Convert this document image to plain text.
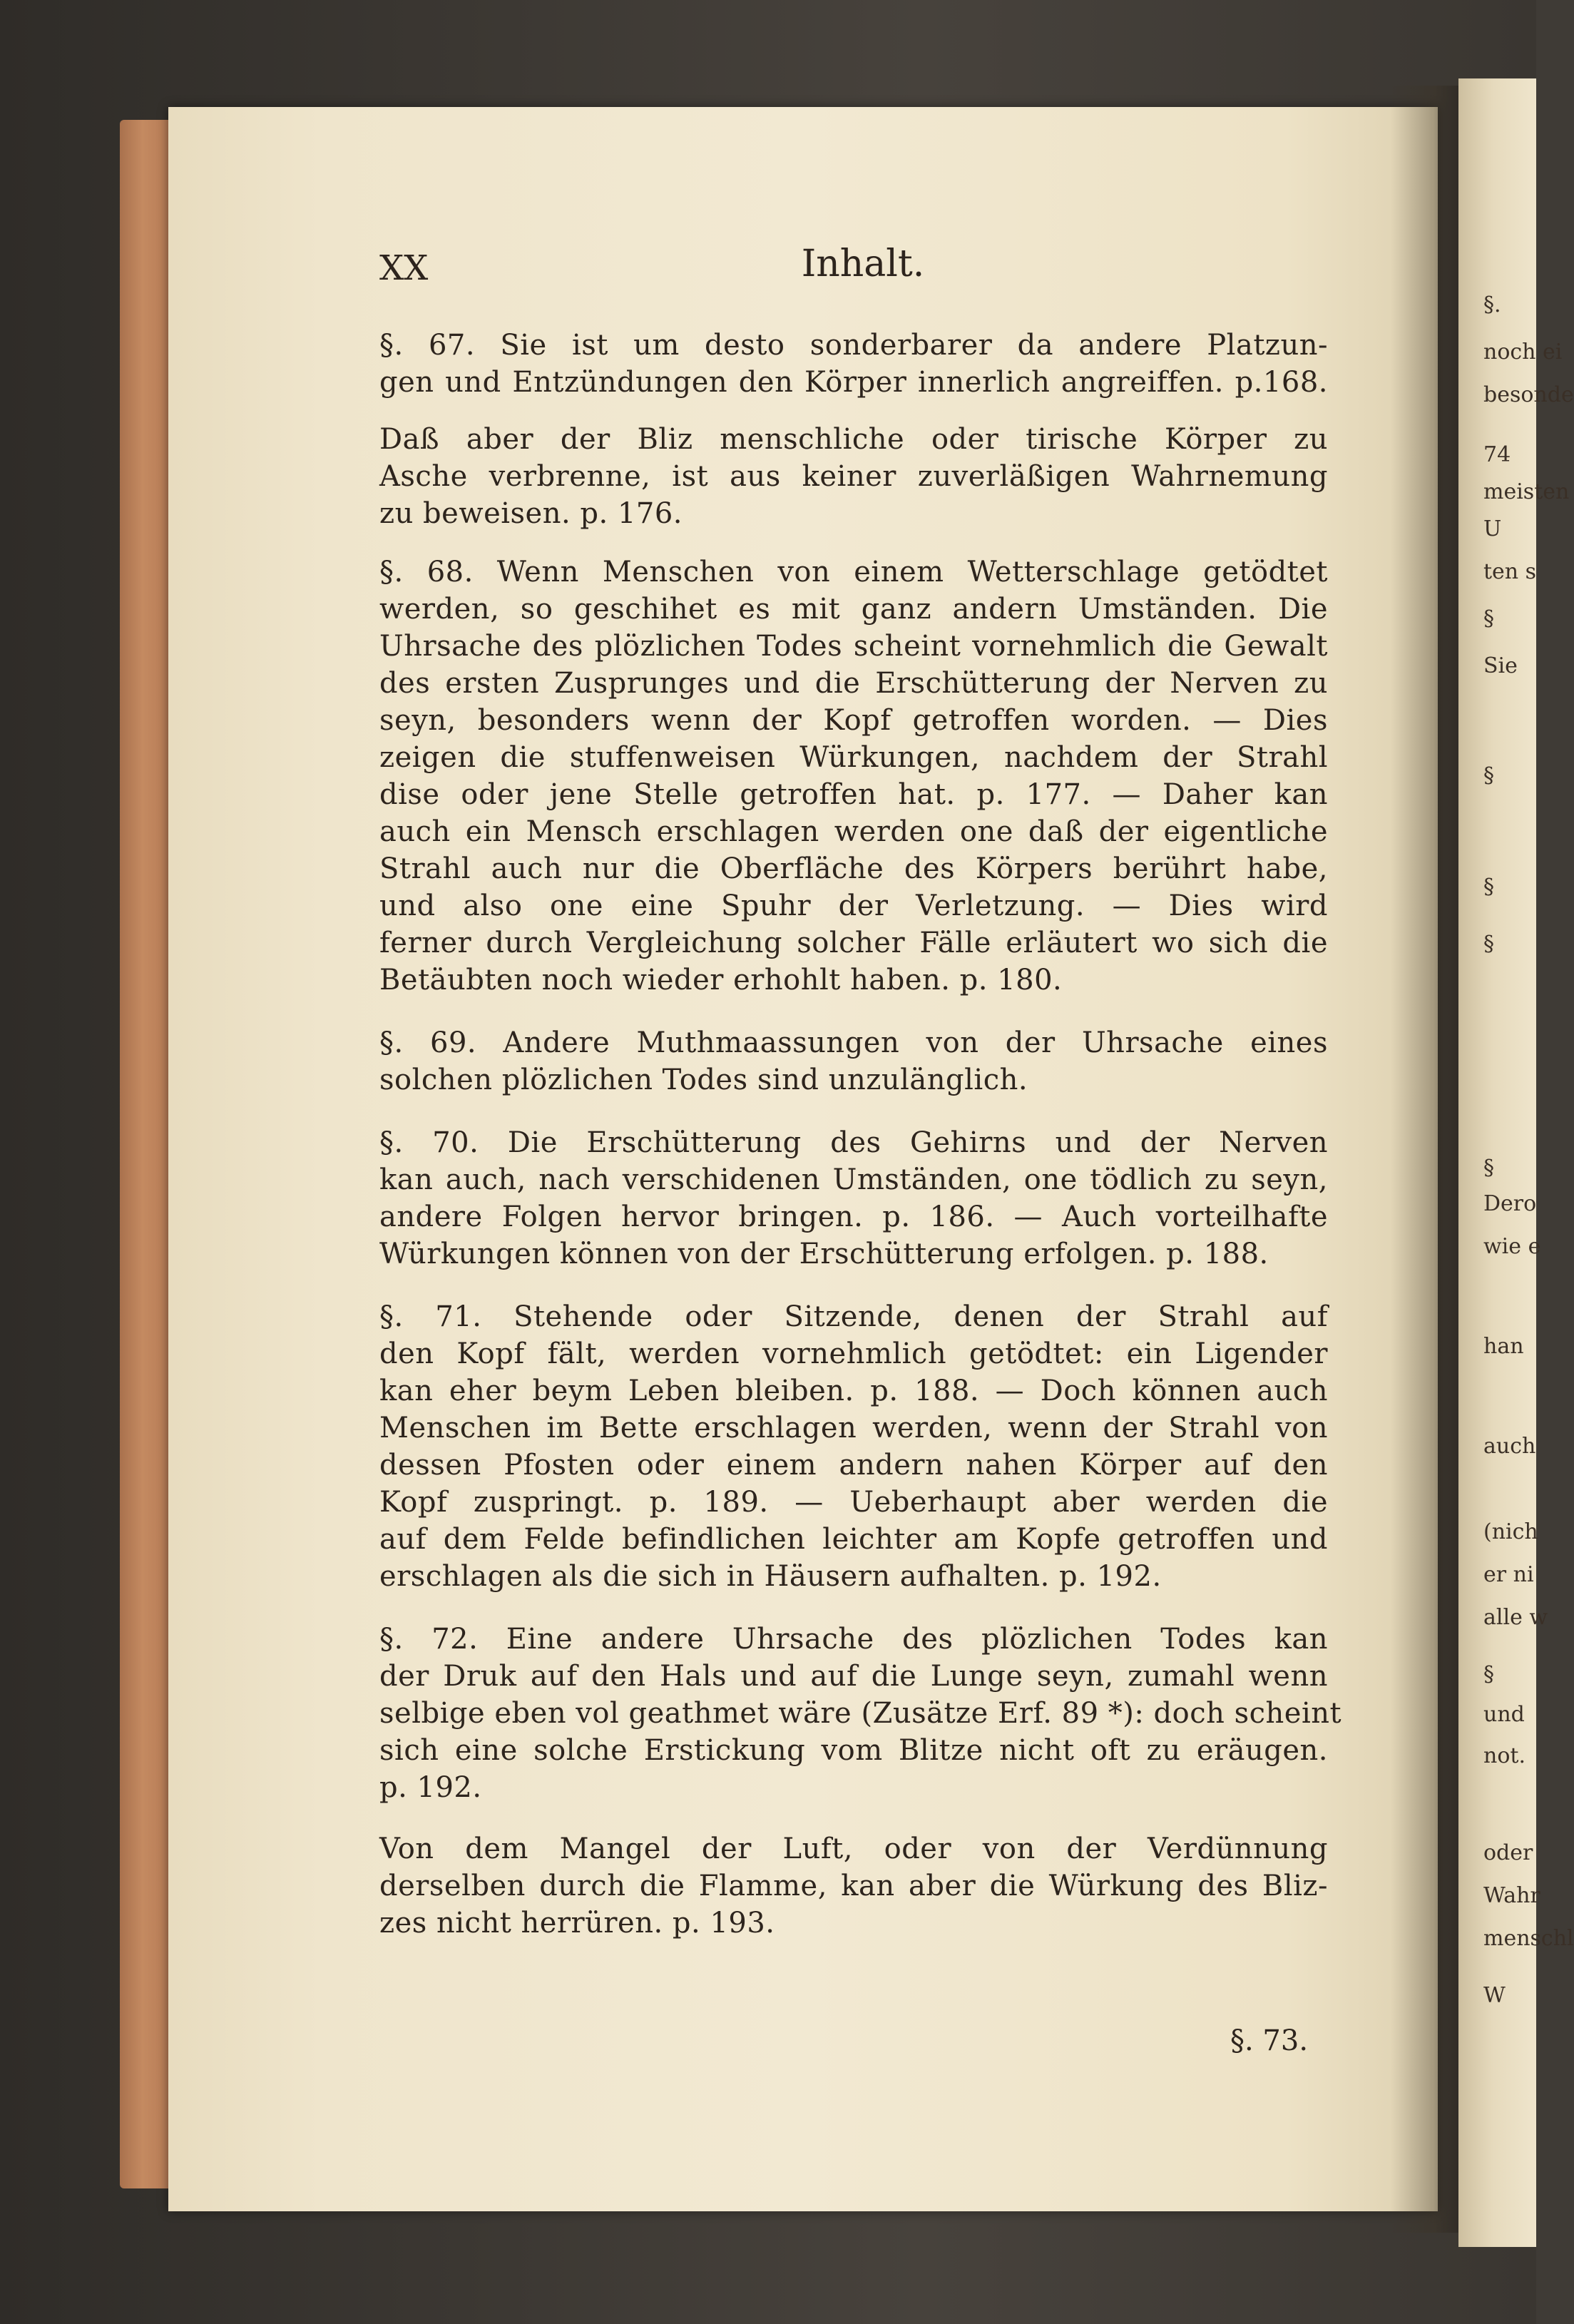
XX	Inhalt.
§. 67. Sie ist um desto sonderbarer da andere Platzun-
gen und Entzündungen den Körper innerlich angreiffen. p.168.
Daß aber der Bliz menschliche oder tirische Körper zu
Asche verbrenne, ist aus keiner zuverläßigen Wahrnemung
zu beweisen. p. 176.
§. 68. Wenn Menschen von einem Wetterschlage getödtet
werden, so geschihet es mit ganz andern Umständen. Die
Uhrsache des plözlichen Todes scheint vornehmlich die Gewalt
des ersten Zusprunges und die Erschütterung der Nerven zu
seyn, besonders wenn der Kopf getroffen worden. — Dies
zeigen die stuffenweisen Würkungen, nachdem der Strahl
dise oder jene Stelle getroffen hat. p. 177. — Daher kan
auch ein Mensch erschlagen werden one daß der eigentliche
Strahl auch nur die Oberfläche des Körpers berührt habe,
und also one eine Spuhr der Verletzung. — Dies wird
ferner durch Vergleichung solcher Fälle erläutert wo sich die
Betäubten noch wieder erhohlt haben. p. 180.
§. 69. Andere Muthmaassungen von der Uhrsache eines
solchen plözlichen Todes sind unzulänglich.
§. 70. Die Erschütterung des Gehirns und der Nerven
kan auch, nach verschidenen Umständen, one tödlich zu seyn,
andere Folgen hervor bringen. p. 186. — Auch vorteilhafte
Würkungen können von der Erschütterung erfolgen. p. 188.
§. 71. Stehende oder Sitzende, denen der Strahl auf
den Kopf fält, werden vornehmlich getödtet: ein Ligender
kan eher beym Leben bleiben. p. 188. — Doch können auch
Menschen im Bette erschlagen werden, wenn der Strahl von
dessen Pfosten oder einem andern nahen Körper auf den
Kopf zuspringt. p. 189. — Ueberhaupt aber werden die
auf dem Felde befindlichen leichter am Kopfe getroffen und
erschlagen als die sich in Häusern aufhalten. p. 192.
§. 72. Eine andere Uhrsache des plözlichen Todes kan
der Druk auf den Hals und auf die Lunge seyn, zumahl wenn
selbige eben vol geathmet wäre (Zusätze Erf. 89 *): doch scheint
sich eine solche Erstickung vom Blitze nicht oft zu eräugen.
p. 192.
Von dem Mangel der Luft, oder von der Verdünnung
derselben durch die Flamme, kan aber die Würkung des Bliz-
zes nicht herrüren. p. 193.
§. 73.
§.
noch ei
besonde
74
meisten
U
ten s
§
Sie
§
§
§
Dero
wie e
§
han
auch
(nich
er ni
alle w
§
und
not.
oder
Wahr
menschl
W
